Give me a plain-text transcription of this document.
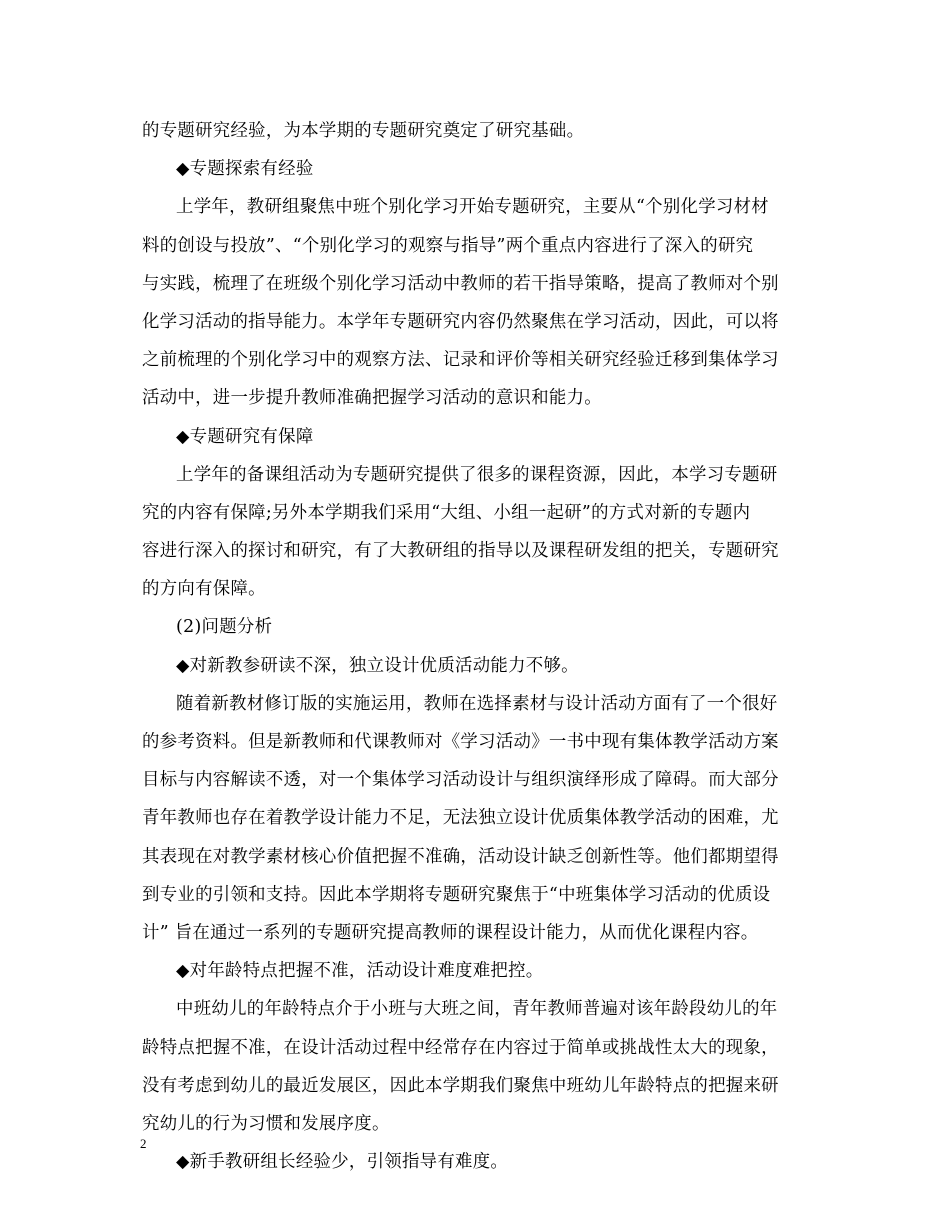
的专题研究经验，为本学期的专题研究奠定了研究基础。
◆专题探索有经验
上学年，教研组聚焦中班个别化学习开始专题研究，主要从“个别化学习材材
料的创设与投放”、“个别化学习的观察与指导”两个重点内容进行了深入的研究
与实践，梳理了在班级个别化学习活动中教师的若干指导策略，提高了教师对个别
化学习活动的指导能力。本学年专题研究内容仍然聚焦在学习活动，因此，可以将
之前梳理的个别化学习中的观察方法、记录和评价等相关研究经验迁移到集体学习
活动中，进一步提升教师准确把握学习活动的意识和能力。
◆专题研究有保障
上学年的备课组活动为专题研究提供了很多的课程资源，因此，本学习专题研
究的内容有保障;另外本学期我们采用“大组、小组一起研”的方式对新的专题内
容进行深入的探讨和研究，有了大教研组的指导以及课程研发组的把关，专题研究
的方向有保障。
(2)问题分析
◆对新教参研读不深，独立设计优质活动能力不够。
随着新教材修订版的实施运用，教师在选择素材与设计活动方面有了一个很好
的参考资料。但是新教师和代课教师对《学习活动》一书中现有集体教学活动方案
目标与内容解读不透，对一个集体学习活动设计与组织演绎形成了障碍。而大部分
青年教师也存在着教学设计能力不足，无法独立设计优质集体教学活动的困难，尤
其表现在对教学素材核心价值把握不准确，活动设计缺乏创新性等。他们都期望得
到专业的引领和支持。因此本学期将专题研究聚焦于“中班集体学习活动的优质设
计” 旨在通过一系列的专题研究提高教师的课程设计能力，从而优化课程内容。
◆对年龄特点把握不准，活动设计难度难把控。
中班幼儿的年龄特点介于小班与大班之间，青年教师普遍对该年龄段幼儿的年
龄特点把握不准，在设计活动过程中经常存在内容过于简单或挑战性太大的现象，
没有考虑到幼儿的最近发展区，因此本学期我们聚焦中班幼儿年龄特点的把握来研
究幼儿的行为习惯和发展序度。
◆新手教研组长经验少，引领指导有难度。
2
